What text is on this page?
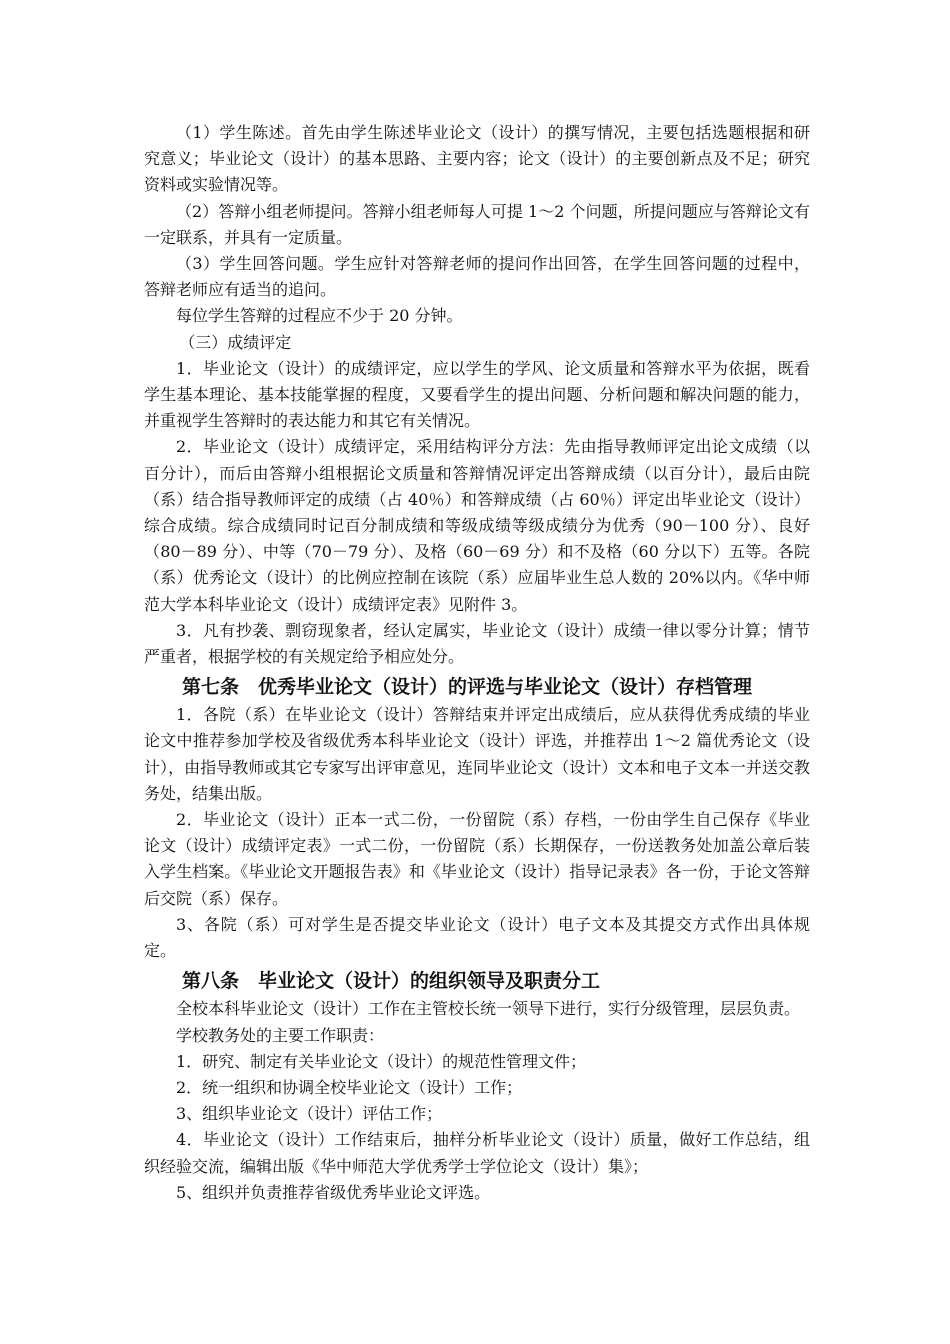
（1）学生陈述。首先由学生陈述毕业论文（设计）的撰写情况，主要包括选题根据和研究意义；毕业论文（设计）的基本思路、主要内容；论文（设计）的主要创新点及不足；研究资料或实验情况等。

（2）答辩小组老师提问。答辩小组老师每人可提 1～2 个问题，所提问题应与答辩论文有一定联系，并具有一定质量。

（3）学生回答问题。学生应针对答辩老师的提问作出回答，在学生回答问题的过程中，答辩老师应有适当的追问。

每位学生答辩的过程应不少于 20 分钟。

（三）成绩评定

1．毕业论文（设计）的成绩评定，应以学生的学风、论文质量和答辩水平为依据，既看学生基本理论、基本技能掌握的程度，又要看学生的提出问题、分析问题和解决问题的能力，并重视学生答辩时的表达能力和其它有关情况。

2．毕业论文（设计）成绩评定，采用结构评分方法：先由指导教师评定出论文成绩（以百分计），而后由答辩小组根据论文质量和答辩情况评定出答辩成绩（以百分计），最后由院（系）结合指导教师评定的成绩（占 40％）和答辩成绩（占 60％）评定出毕业论文（设计）综合成绩。综合成绩同时记百分制成绩和等级成绩等级成绩分为优秀（90－100 分）、良好（80－89 分）、中等（70－79 分）、及格（60－69 分）和不及格（60 分以下）五等。各院（系）优秀论文（设计）的比例应控制在该院（系）应届毕业生总人数的 20%以内。《华中师范大学本科毕业论文（设计）成绩评定表》见附件 3。

3．凡有抄袭、剽窃现象者，经认定属实，毕业论文（设计）成绩一律以零分计算；情节严重者，根据学校的有关规定给予相应处分。

第七条　优秀毕业论文（设计）的评选与毕业论文（设计）存档管理

1．各院（系）在毕业论文（设计）答辩结束并评定出成绩后，应从获得优秀成绩的毕业论文中推荐参加学校及省级优秀本科毕业论文（设计）评选，并推荐出 1～2 篇优秀论文（设计），由指导教师或其它专家写出评审意见，连同毕业论文（设计）文本和电子文本一并送交教务处，结集出版。

2．毕业论文（设计）正本一式二份，一份留院（系）存档，一份由学生自己保存《毕业论文（设计）成绩评定表》一式二份，一份留院（系）长期保存，一份送教务处加盖公章后装入学生档案。《毕业论文开题报告表》和《毕业论文（设计）指导记录表》各一份，于论文答辩后交院（系）保存。

3、各院（系）可对学生是否提交毕业论文（设计）电子文本及其提交方式作出具体规定。

第八条　毕业论文（设计）的组织领导及职责分工

全校本科毕业论文（设计）工作在主管校长统一领导下进行，实行分级管理，层层负责。

学校教务处的主要工作职责：

1．研究、制定有关毕业论文（设计）的规范性管理文件；

2．统一组织和协调全校毕业论文（设计）工作；

3、组织毕业论文（设计）评估工作；

4．毕业论文（设计）工作结束后，抽样分析毕业论文（设计）质量，做好工作总结，组织经验交流，编辑出版《华中师范大学优秀学士学位论文（设计）集》；

5、组织并负责推荐省级优秀毕业论文评选。
